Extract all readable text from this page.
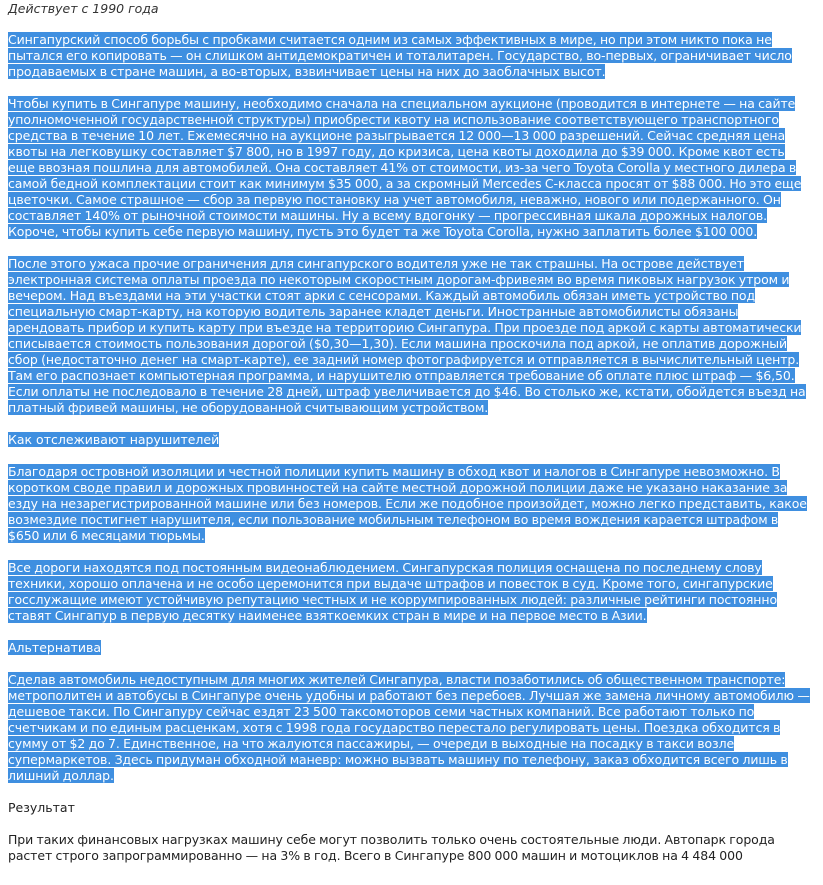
Действует с 1990 года

Сингапурский способ борьбы с пробками считается одним из самых эффективных в мире, но при этом никто пока не пытался его копировать — он слишком антидемократичен и тоталитарен. Государство, во-первых, ограничивает число продаваемых в стране машин, а во-вторых, взвинчивает цены на них до заоблачных высот.

Чтобы купить в Сингапуре машину, необходимо сначала на специальном аукционе (проводится в интернете — на сайте уполномоченной государственной структуры) приобрести квоту на использование соответствующего транспортного средства в течение 10 лет. Ежемесячно на аукционе разыгрывается 12 000—13 000 разрешений. Сейчас средняя цена квоты на легковушку составляет $7 800, но в 1997 году, до кризиса, цена квоты доходила до $39 000. Кроме квот есть еще ввозная пошлина для автомобилей. Она составляет 41% от стоимости, из-за чего Toyota Corolla у местного дилера в самой бедной комплектации стоит как минимум $35 000, а за скромный Mercedes C-класса просят от $88 000. Но это еще цветочки. Самое страшное — сбор за первую постановку на учет автомобиля, неважно, нового или подержанного. Он составляет 140% от рыночной стоимости машины. Ну а всему вдогонку — прогрессивная шкала дорожных налогов. Короче, чтобы купить себе первую машину, пусть это будет та же Toyota Corolla, нужно заплатить более $100 000.

После этого ужаса прочие ограничения для сингапурского водителя уже не так страшны. На острове действует электронная система оплаты проезда по некоторым скоростным дорогам-фривеям во время пиковых нагрузок утром и вечером. Над въездами на эти участки стоят арки с сенсорами. Каждый автомобиль обязан иметь устройство под специальную смарт-карту, на которую водитель заранее кладет деньги. Иностранные автомобилисты обязаны арендовать прибор и купить карту при въезде на территорию Сингапура. При проезде под аркой с карты автоматически списывается стоимость пользования дорогой ($0,30—1,30). Если машина проскочила под аркой, не оплатив дорожный сбор (недостаточно денег на смарт-карте), ее задний номер фотографируется и отправляется в вычислительный центр. Там его распознает компьютерная программа, и нарушителю отправляется требование об оплате плюс штраф — $6,50. Если оплаты не последовало в течение 28 дней, штраф увеличивается до $46. Во столько же, кстати, обойдется въезд на платный фривей машины, не оборудованной считывающим устройством.

Как отслеживают нарушителей

Благодаря островной изоляции и честной полиции купить машину в обход квот и налогов в Сингапуре невозможно. В коротком своде правил и дорожных провинностей на сайте местной дорожной полиции даже не указано наказание за езду на незарегистрированной машине или без номеров. Если же подобное произойдет, можно легко представить, какое возмездие постигнет нарушителя, если пользование мобильным телефоном во время вождения карается штрафом в $650 или 6 месяцами тюрьмы.

Все дороги находятся под постоянным видеонаблюдением. Сингапурская полиция оснащена по последнему слову техники, хорошо оплачена и не особо церемонится при выдаче штрафов и повесток в суд. Кроме того, сингапурские госслужащие имеют устойчивую репутацию честных и не коррумпированных людей: различные рейтинги постоянно ставят Сингапур в первую десятку наименее взяткоемких стран в мире и на первое место в Азии.

Альтернатива

Сделав автомобиль недоступным для многих жителей Сингапура, власти позаботились об общественном транспорте: метрополитен и автобусы в Сингапуре очень удобны и работают без перебоев. Лучшая же замена личному автомобилю — дешевое такси. По Сингапуру сейчас ездят 23 500 таксомоторов семи частных компаний. Все работают только по счетчикам и по единым расценкам, хотя с 1998 года государство перестало регулировать цены. Поездка обходится в сумму от $2 до 7. Единственное, на что жалуются пассажиры, — очереди в выходные на посадку в такси возле супермаркетов. Здесь придуман обходной маневр: можно вызвать машину по телефону, заказ обходится всего лишь в лишний доллар.

Результат

При таких финансовых нагрузках машину себе могут позволить только очень состоятельные люди. Автопарк города растет строго запрограммированно — на 3% в год. Всего в Сингапуре 800 000 машин и мотоциклов на 4 484 000
